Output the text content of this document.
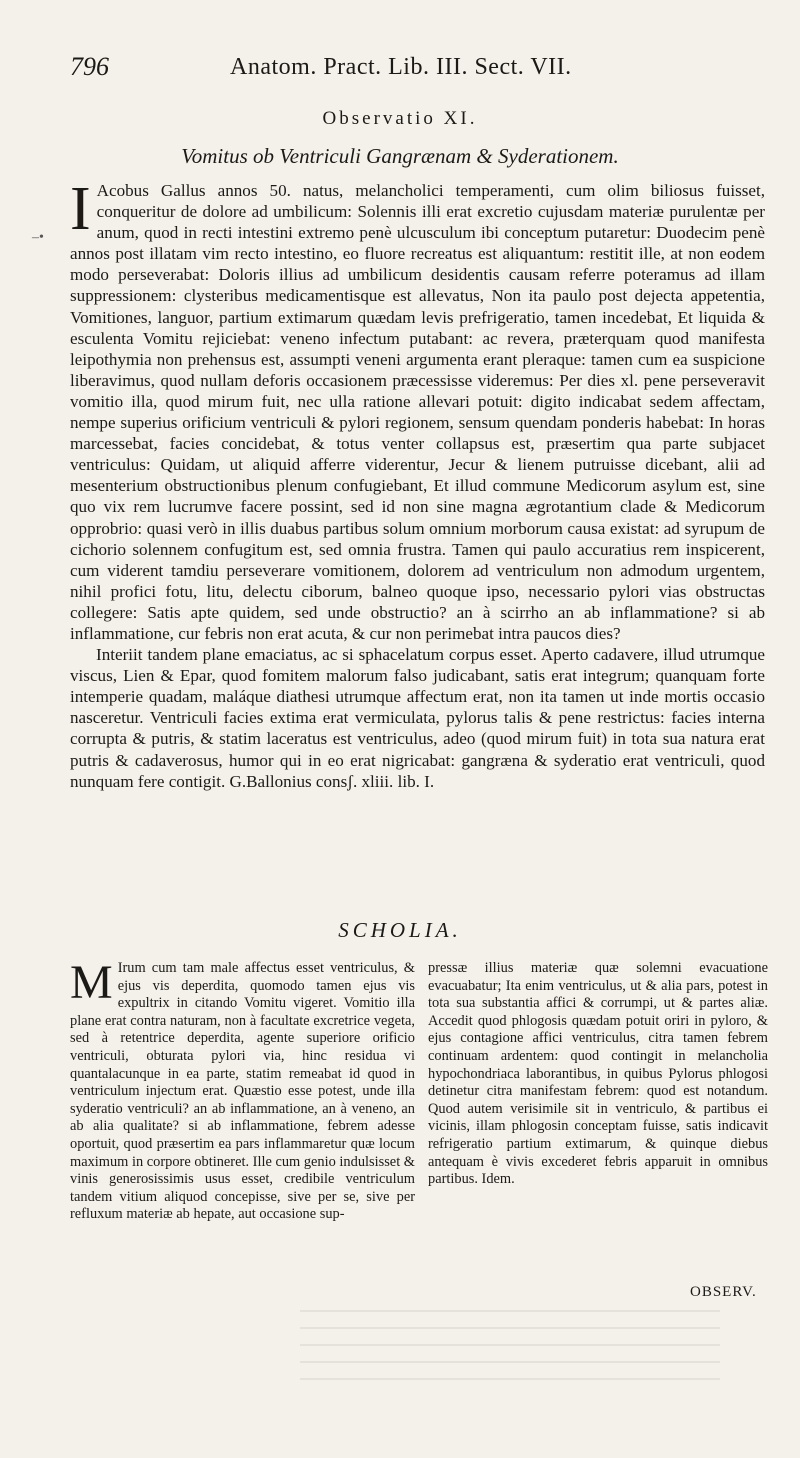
796	Anatom. Pract. Lib. III. Sect. VII.
Observatio XI.
Vomitus ob Ventriculi Gangrænam & Syderationem.
–• I Acobus Gallus annos 50. natus, melancholici temperamenti, cum olim biliosus fuisset, conqueritur de dolore ad umbilicum: Solennis illi erat excretio cujusdam materiæ purulentæ per anum, quod in recti intestini extremo penè ulcusculum ibi conceptum putaretur: Duodecim penè annos post illatam vim recto intestino, eo fluore recreatus est aliquantum: restitit ille, at non eodem modo perseverabat: Doloris illius ad umbilicum desidentis causam referre poteramus ad illam suppressionem: clysteribus medicamentisque est allevatus, Non ita paulo post dejecta appetentia, Vomitiones, languor, partium extimarum quædam levis prefrigeratio, tamen incedebat, Et liquida & esculenta Vomitu rejiciebat: veneno infectum putabant: ac revera, præterquam quod manifesta leipothymia non prehensus est, assumpti veneni argumenta erant pleraque: tamen cum ea suspicione liberavimus, quod nullam deforis occasionem præcessisse videremus: Per dies xl. pene perseveravit vomitio illa, quod mirum fuit, nec ulla ratione allevari potuit: digito indicabat sedem affectam, nempe superius orificium ventriculi & pylori regionem, sensum quendam ponderis habebat: In horas marcessebat, facies concidebat, & totus venter collapsus est, præsertim qua parte subjacet ventriculus: Quidam, ut aliquid afferre viderentur, Jecur & lienem putruisse dicebant, alii ad mesenterium obstructionibus plenum confugiebant, Et illud commune Medicorum asylum est, sine quo vix rem lucrumve facere possint, sed id non sine magna ægrotantium clade & Medicorum opprobrio: quasi verò in illis duabus partibus solum omnium morborum causa existat: ad syrupum de cichorio solennem confugitum est, sed omnia frustra. Tamen qui paulo accuratius rem inspicerent, cum viderent tamdiu perseverare vomitionem, dolorem ad ventriculum non admodum urgentem, nihil profici fotu, litu, delectu ciborum, balneo quoque ipso, necessario pylori vias obstructas collegere: Satis apte quidem, sed unde obstructio? an à scirrho an ab inflammatione? si ab inflammatione, cur febris non erat acuta, & cur non perimebat intra paucos dies?

Interiit tandem plane emaciatus, ac si sphacelatum corpus esset. Aperto cadavere, illud utrumque viscus, Lien & Epar, quod fomitem malorum falso judicabant, satis erat integrum; quanquam forte intemperie quadam, maláque diathesi utrumque affectum erat, non ita tamen ut inde mortis occasio nasceretur. Ventriculi facies extima erat vermiculata, pylorus talis & pene restrictus: facies interna corrupta & putris, & statim laceratus est ventriculus, adeo (quod mirum fuit) in tota sua natura erat putris & cadaverosus, humor qui in eo erat nigricabat: gangræna & syderatio erat ventriculi, quod nunquam fere contigit. G.Ballonius consʃ. xliii. lib. I.

SCHOLIA.

M Irum cum tam male affectus esset ventriculus, & ejus vis deperdita, quomodo tamen ejus vis expultrix in citando Vomitu vigeret. Vomitio illa plane erat contra naturam, non à facultate excretrice vegeta, sed à retentrice deperdita, agente superiore orificio ventriculi, obturata pylori via, hinc residua vi quantalacunque in ea parte, statim remeabat id quod in ventriculum injectum erat. Quæstio esse potest, unde illa syderatio ventriculi? an ab inflammatione, an à veneno, an ab alia qualitate? si ab inflammatione, febrem adesse oportuit, quod præsertim ea pars inflammaretur quæ locum maximum in corpore obtineret. Ille cum genio indulsisset & vinis generosissimis usus esset, credibile ventriculum tandem vitium aliquod concepisse, sive per se, sive per refluxum materiæ ab hepate, aut occasione sup-

pressæ illius materiæ quæ solemni evacuatione evacuabatur; Ita enim ventriculus, ut & alia pars, potest in tota sua substantia affici & corrumpi, ut & partes aliæ. Accedit quod phlogosis quædam potuit oriri in pyloro, & ejus contagione affici ventriculus, citra tamen febrem continuam ardentem: quod contingit in melancholia hypochondriaca laborantibus, in quibus Pylorus phlogosi detinetur citra manifestam febrem: quod est notandum. Quod autem verisimile sit in ventriculo, & partibus ei vicinis, illam phlogosin conceptam fuisse, satis indicavit refrigeratio partium extimarum, & quinque diebus antequam è vivis excederet febris apparuit in omnibus partibus. Idem.

OBSERV.
